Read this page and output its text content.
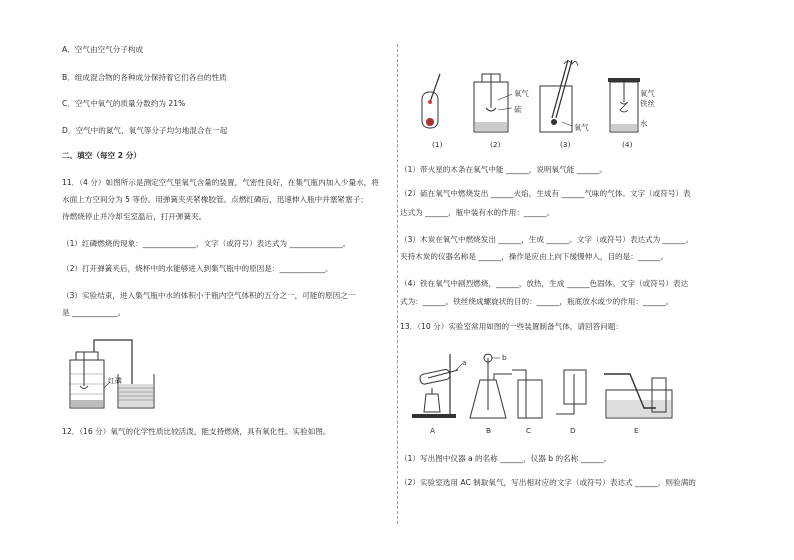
A．空气由空气分子构成
B．组成混合物的各种成分保持着它们各自的性质
C．空气中氧气的质量分数约为 21%
D．空气中的氮气、氧气等分子均匀地混合在一起
二、填空（每空 2 分）
11．（4 分）如图所示是测定空气里氧气含量的装置，气密性良好，在集气瓶内加入少量水，将
水面上方空间分为 5 等份。用弹簧夹夹紧橡胶管。点燃红磷后，迅速伸入瓶中并塞紧塞子；
待燃烧停止并冷却至室温后，打开弹簧夹。
（1）红磷燃烧的现象：______________，文字（或符号）表达式为 ______________。
（2）打开弹簧夹后，烧杯中的水能够进入到集气瓶中的原因是：____________。
（3）实验结束，进入集气瓶中水的体积小于瓶内空气体积的五分之一，可能的原因之一
是 ____________。
红磷
12．（16 分）氧气的化学性质比较活泼，能支持燃烧，具有氧化性。实验如图。
氧气
硫
氧气
氧气
铁丝
水
(1)	(2)	(3)	(4)
（1）带火星的木条在氧气中能 ______，说明氧气能 ______。
（2）硫在氧气中燃烧发出 ______火焰，生成有 ______气味的气体。文字（或符号）表
达式为 ______，瓶中装有水的作用：______。
（3）木炭在氧气中燃烧发出 ______，生成 ______。文字（或符号）表达式为 ______。
夹持木炭的仪器名称是 ______，操作是应由上向下缓慢伸入，目的是：______。
（4）铁在氧气中剧烈燃烧，______，放热，生成 ______色固体。文字（或符号）表达
式为：______。铁丝绕成螺旋状的目的：______，瓶底放水或少的作用：______。
13．（10 分）实验室常用如图的一些装置制备气体，请回答问题：
a
b
A	B	C	D	E
（1）写出图中仪器 a 的名称 ______，仪器 b 的名称 ______。
（2）实验室选用 AC 制取氧气，写出相对应的文字（或符号）表达式 ______，则验满的
